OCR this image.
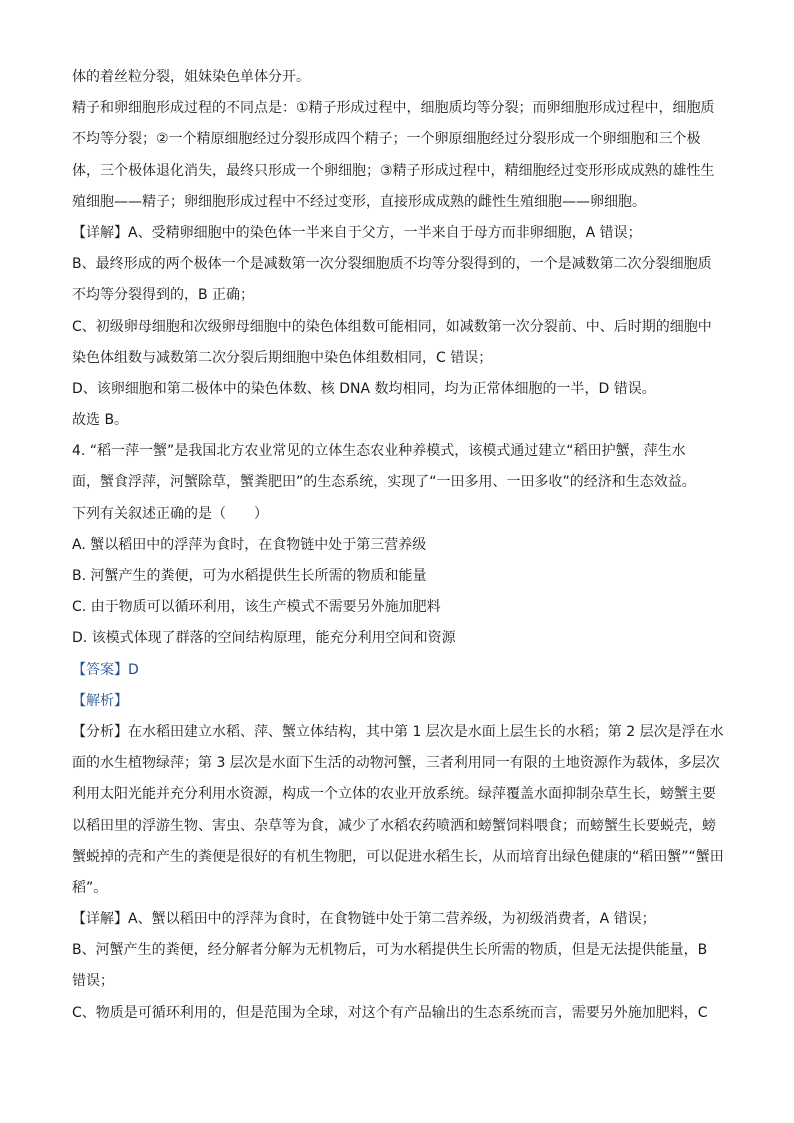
体的着丝粒分裂，姐妹染色单体分开。
精子和卵细胞形成过程的不同点是：①精子形成过程中，细胞质均等分裂；而卵细胞形成过程中，细胞质
不均等分裂；②一个精原细胞经过分裂形成四个精子；一个卵原细胞经过分裂形成一个卵细胞和三个极
体，三个极体退化消失，最终只形成一个卵细胞；③精子形成过程中，精细胞经过变形形成成熟的雄性生
殖细胞——精子；卵细胞形成过程中不经过变形，直接形成成熟的雌性生殖细胞——卵细胞。
【详解】A、受精卵细胞中的染色体一半来自于父方，一半来自于母方而非卵细胞，A 错误；
B、最终形成的两个极体一个是减数第一次分裂细胞质不均等分裂得到的，一个是减数第二次分裂细胞质
不均等分裂得到的，B 正确；
C、初级卵母细胞和次级卵母细胞中的染色体组数可能相同，如减数第一次分裂前、中、后时期的细胞中
染色体组数与减数第二次分裂后期细胞中染色体组数相同，C 错误；
D、该卵细胞和第二极体中的染色体数、核 DNA 数均相同，均为正常体细胞的一半，D 错误。
故选 B。
4. “稻一萍一蟹”是我国北方农业常见的立体生态农业种养模式，该模式通过建立“稻田护蟹，萍生水
面，蟹食浮萍，河蟹除草，蟹粪肥田”的生态系统，实现了“一田多用、一田多收”的经济和生态效益。
下列有关叙述正确的是（　　）
A. 蟹以稻田中的浮萍为食时，在食物链中处于第三营养级
B. 河蟹产生的粪便，可为水稻提供生长所需的物质和能量
C. 由于物质可以循环利用，该生产模式不需要另外施加肥料
D. 该模式体现了群落的空间结构原理，能充分利用空间和资源
【答案】D
【解析】
【分析】在水稻田建立水稻、萍、蟹立体结构，其中第 1 层次是水面上层生长的水稻；第 2 层次是浮在水
面的水生植物绿萍；第 3 层次是水面下生活的动物河蟹，三者利用同一有限的土地资源作为载体，多层次
利用太阳光能并充分利用水资源，构成一个立体的农业开放系统。绿萍覆盖水面抑制杂草生长，螃蟹主要
以稻田里的浮游生物、害虫、杂草等为食，减少了水稻农药喷洒和螃蟹饲料喂食；而螃蟹生长要蜕壳，螃
蟹蜕掉的壳和产生的粪便是很好的有机生物肥，可以促进水稻生长，从而培育出绿色健康的“稻田蟹”“蟹田
稻”。
【详解】A、蟹以稻田中的浮萍为食时，在食物链中处于第二营养级，为初级消费者，A 错误；
B、河蟹产生的粪便，经分解者分解为无机物后，可为水稻提供生长所需的物质，但是无法提供能量，B
错误；
C、物质是可循环利用的，但是范围为全球，对这个有产品输出的生态系统而言，需要另外施加肥料，C
